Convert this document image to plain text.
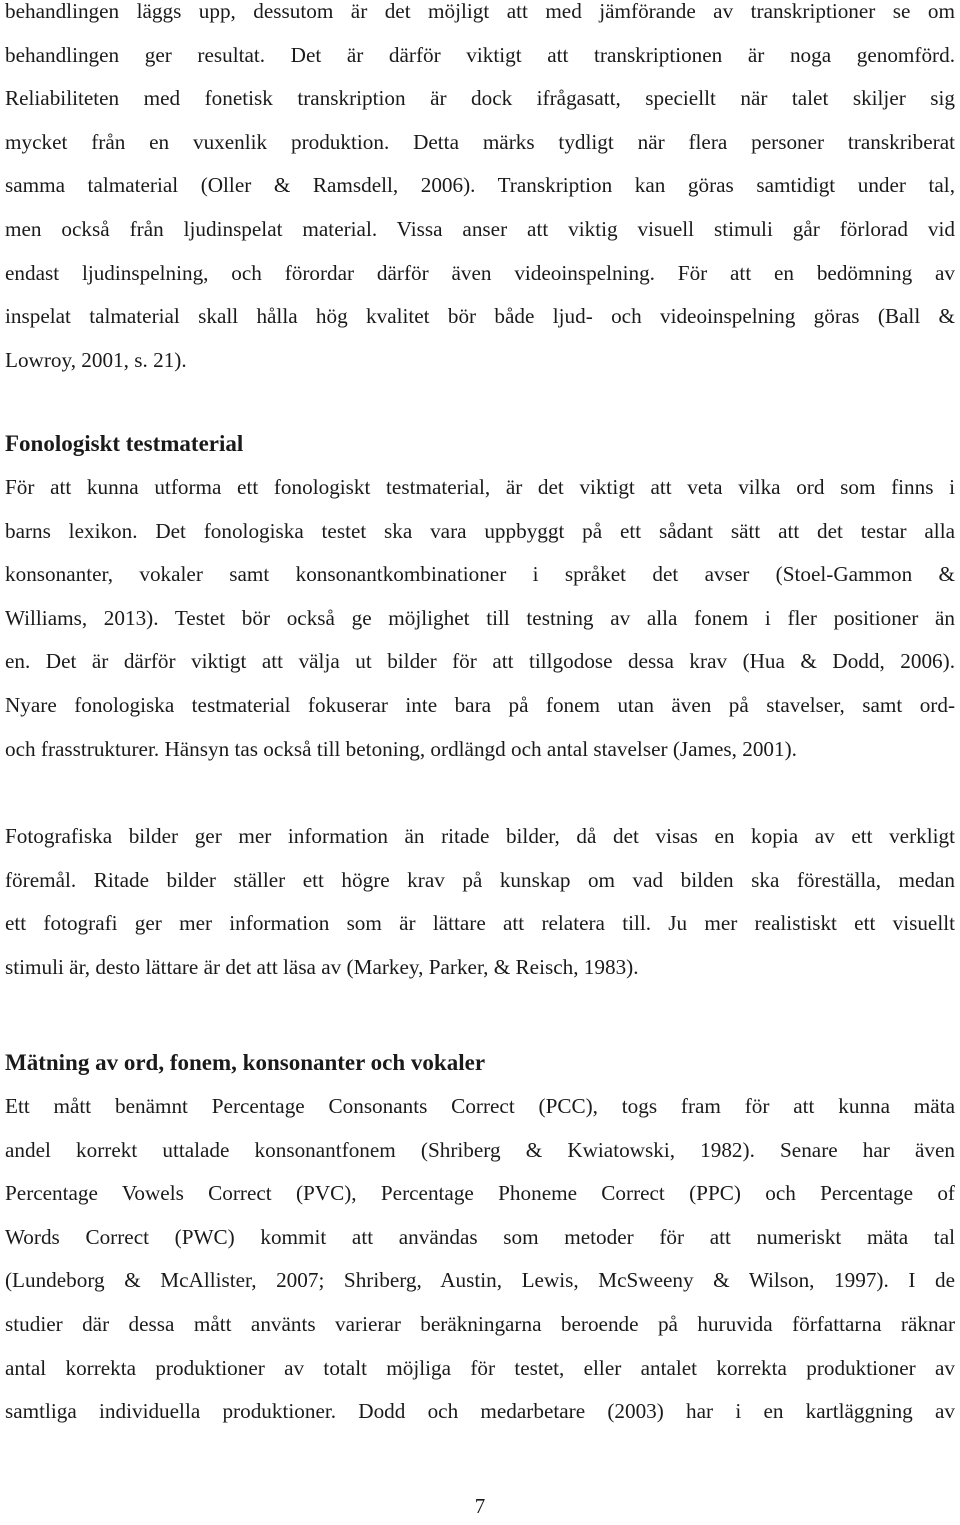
behandlingen läggs upp, dessutom är det möjligt att med jämförande av transkriptioner se om
behandlingen ger resultat. Det är därför viktigt att transkriptionen är noga genomförd.
Reliabiliteten med fonetisk transkription är dock ifrågasatt, speciellt när talet skiljer sig
mycket från en vuxenlik produktion. Detta märks tydligt när flera personer transkriberat
samma talmaterial (Oller & Ramsdell, 2006). Transkription kan göras samtidigt under tal,
men också från ljudinspelat material. Vissa anser att viktig visuell stimuli går förlorad vid
endast ljudinspelning, och förordar därför även videoinspelning. För att en bedömning av
inspelat talmaterial skall hålla hög kvalitet bör både ljud- och videoinspelning göras (Ball &
Lowroy, 2001, s. 21).

Fonologiskt testmaterial

För att kunna utforma ett fonologiskt testmaterial, är det viktigt att veta vilka ord som finns i
barns lexikon. Det fonologiska testet ska vara uppbyggt på ett sådant sätt att det testar alla
konsonanter, vokaler samt konsonantkombinationer i språket det avser (Stoel-Gammon &
Williams, 2013). Testet bör också ge möjlighet till testning av alla fonem i fler positioner än
en. Det är därför viktigt att välja ut bilder för att tillgodose dessa krav (Hua & Dodd, 2006).
Nyare fonologiska testmaterial fokuserar inte bara på fonem utan även på stavelser, samt ord-
och frasstrukturer. Hänsyn tas också till betoning, ordlängd och antal stavelser (James, 2001).

Fotografiska bilder ger mer information än ritade bilder, då det visas en kopia av ett verkligt
föremål. Ritade bilder ställer ett högre krav på kunskap om vad bilden ska föreställa, medan
ett fotografi ger mer information som är lättare att relatera till. Ju mer realistiskt ett visuellt
stimuli är, desto lättare är det att läsa av (Markey, Parker, & Reisch, 1983).

Mätning av ord, fonem, konsonanter och vokaler

Ett mått benämnt Percentage Consonants Correct (PCC), togs fram för att kunna mäta
andel korrekt uttalade konsonantfonem (Shriberg & Kwiatowski, 1982). Senare har även
Percentage Vowels Correct (PVC), Percentage Phoneme Correct (PPC) och Percentage of
Words Correct (PWC) kommit att användas som metoder för att numeriskt mäta tal
(Lundeborg & McAllister, 2007; Shriberg, Austin, Lewis, McSweeny & Wilson, 1997). I de
studier där dessa mått använts varierar beräkningarna beroende på huruvida författarna räknar
antal korrekta produktioner av totalt möjliga för testet, eller antalet korrekta produktioner av
samtliga individuella produktioner. Dodd och medarbetare (2003) har i en kartläggning av

7
